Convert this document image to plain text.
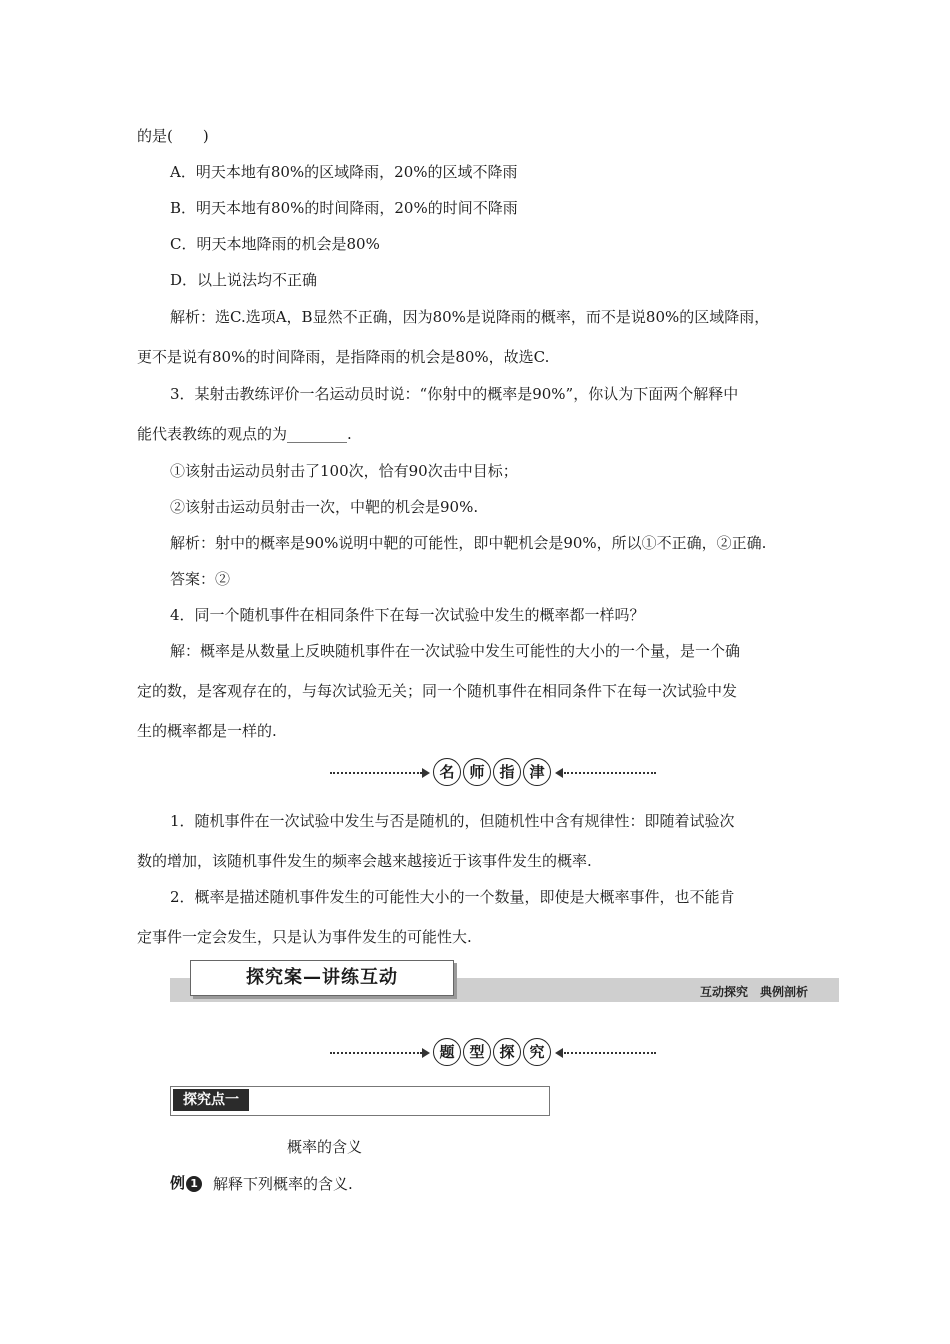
的是(　　)
A．明天本地有80%的区域降雨，20%的区域不降雨
B．明天本地有80%的时间降雨，20%的时间不降雨
C．明天本地降雨的机会是80%
D．以上说法均不正确
解析：选C.选项A，B显然不正确，因为80%是说降雨的概率，而不是说80%的区域降雨，
更不是说有80%的时间降雨，是指降雨的机会是80%，故选C.
3．某射击教练评价一名运动员时说：“你射中的概率是90%”，你认为下面两个解释中
能代表教练的观点的为________.
①该射击运动员射击了100次，恰有90次击中目标；
②该射击运动员射击一次，中靶的机会是90%.
解析：射中的概率是90%说明中靶的可能性，即中靶机会是90%，所以①不正确，②正确.
答案：②
4．同一个随机事件在相同条件下在每一次试验中发生的概率都一样吗？
解：概率是从数量上反映随机事件在一次试验中发生可能性的大小的一个量，是一个确
定的数，是客观存在的，与每次试验无关；同一个随机事件在相同条件下在每一次试验中发
生的概率都是一样的.
名 师 指 津
1．随机事件在一次试验中发生与否是随机的，但随机性中含有规律性：即随着试验次
数的增加，该随机事件发生的频率会越来越接近于该事件发生的概率.
2．概率是描述随机事件发生的可能性大小的一个数量，即使是大概率事件，也不能肯
定事件一定会发生，只是认为事件发生的可能性大.
探究案—讲练互动
互动探究　典例剖析
题 型 探 究
探究点一
概率的含义
例 1 解释下列概率的含义.
